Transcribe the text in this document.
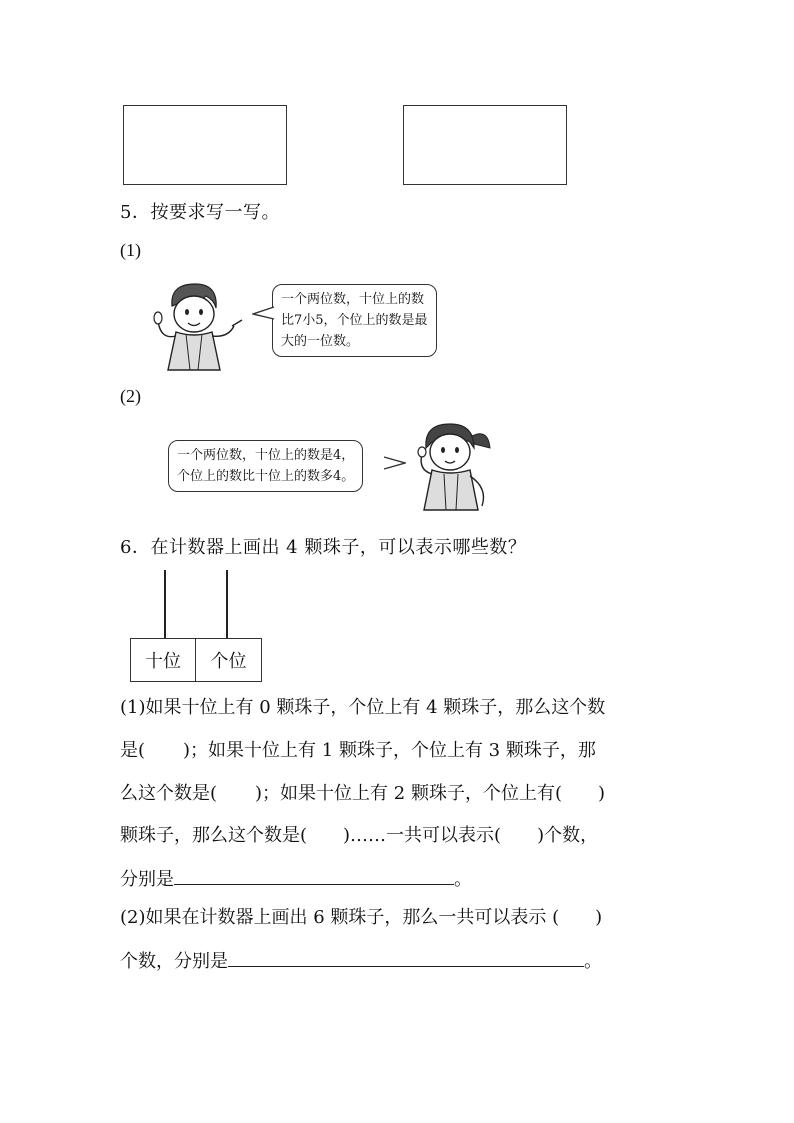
5．按要求写一写。
(1)
一个两位数，十位上的数
比7小5，个位上的数是最
大的一位数。
(2)
一个两位数，十位上的数是4，
个位上的数比十位上的数多4。
6．在计数器上画出 4 颗珠子，可以表示哪些数？
十位 个位
(1)如果十位上有 0 颗珠子，个位上有 4 颗珠子，那么这个数
是( )；如果十位上有 1 颗珠子，个位上有 3 颗珠子，那
么这个数是( )；如果十位上有 2 颗珠子，个位上有( )
颗珠子，那么这个数是( )……一共可以表示( )个数，
分别是	。
(2)如果在计数器上画出 6 颗珠子，那么一共可以表示 ( )
个数，分别是	。
